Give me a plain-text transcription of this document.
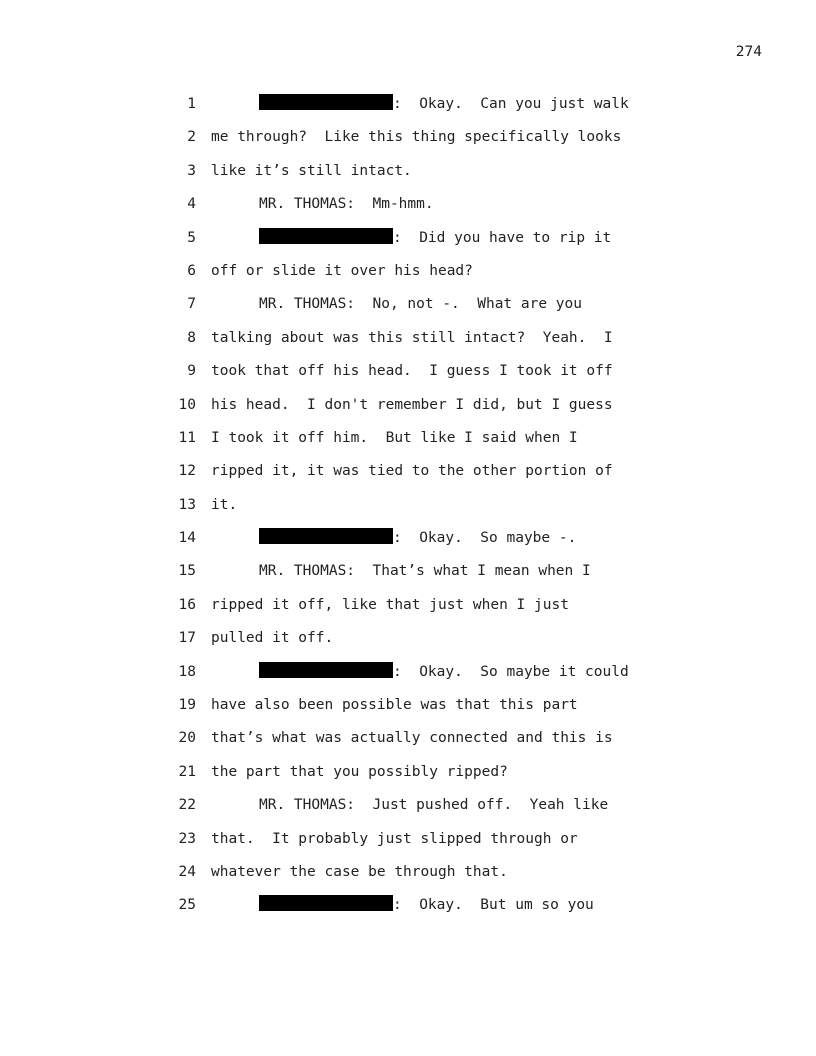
274
1	:  Okay.  Can you just walk
2 me through?  Like this thing specifically looks
3 like it’s still intact.
4	MR. THOMAS:  Mm-hmm.
5	:  Did you have to rip it
6 off or slide it over his head?
7	MR. THOMAS:  No, not -.  What are you
8 talking about was this still intact?  Yeah.  I
9 took that off his head.  I guess I took it off
10 his head.  I don't remember I did, but I guess
11 I took it off him.  But like I said when I
12 ripped it, it was tied to the other portion of
13 it.
14	:  Okay.  So maybe -.
15	MR. THOMAS:  That’s what I mean when I
16 ripped it off, like that just when I just
17 pulled it off.
18	:  Okay.  So maybe it could
19 have also been possible was that this part
20 that’s what was actually connected and this is
21 the part that you possibly ripped?
22	MR. THOMAS:  Just pushed off.  Yeah like
23 that.  It probably just slipped through or
24 whatever the case be through that.
25	:  Okay.  But um so you
